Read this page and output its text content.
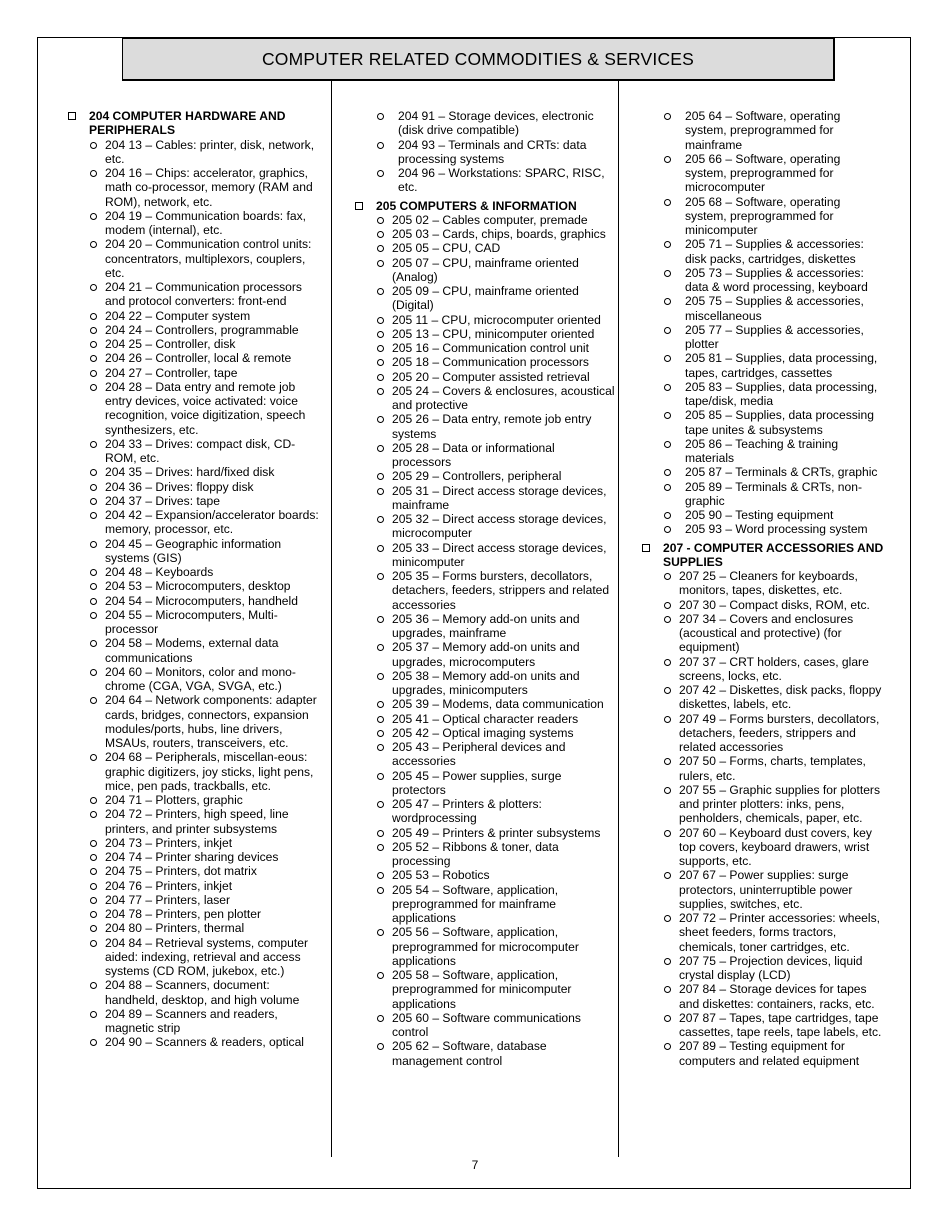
COMPUTER RELATED COMMODITIES & SERVICES
204 COMPUTER HARDWARE AND PERIPHERALS
204 13 – Cables: printer, disk, network, etc.
204 16 – Chips: accelerator, graphics, math co-processor, memory (RAM and ROM), network, etc.
204 19 – Communication boards: fax, modem (internal), etc.
204 20 – Communication control units: concentrators, multiplexors, couplers, etc.
204 21 – Communication processors and protocol converters: front-end
204 22 – Computer system
204 24 – Controllers, programmable
204 25 – Controller, disk
204 26 – Controller, local & remote
204 27 – Controller, tape
204 28 – Data entry and remote job entry devices, voice activated: voice recognition, voice digitization, speech synthesizers, etc.
204 33 – Drives: compact disk, CD-ROM, etc.
204 35 – Drives: hard/fixed disk
204 36 – Drives: floppy disk
204 37 – Drives: tape
204 42 – Expansion/accelerator boards: memory, processor, etc.
204 45 – Geographic information systems (GIS)
204 48 – Keyboards
204 53 – Microcomputers, desktop
204 54 – Microcomputers, handheld
204 55 – Microcomputers, Multi-processor
204 58 – Modems, external data communications
204 60 – Monitors, color and mono-chrome (CGA, VGA, SVGA, etc.)
204 64 – Network components: adapter cards, bridges, connectors, expansion modules/ports, hubs, line drivers, MSAUs, routers, transceivers, etc.
204 68 – Peripherals, miscellan-eous: graphic digitizers, joy sticks, light pens, mice, pen pads, trackballs, etc.
204 71 – Plotters, graphic
204 72 – Printers, high speed, line printers, and printer subsystems
204 73 – Printers, inkjet
204 74 – Printer sharing devices
204 75 – Printers, dot matrix
204 76 – Printers, inkjet
204 77 – Printers, laser
204 78 – Printers, pen plotter
204 80 – Printers, thermal
204 84 – Retrieval systems, computer aided: indexing, retrieval and access systems (CD ROM, jukebox, etc.)
204 88 – Scanners, document: handheld, desktop, and high volume
204 89 – Scanners and readers, magnetic strip
204 90 – Scanners & readers, optical
204 91 – Storage devices, electronic (disk drive compatible)
204 93 – Terminals and CRTs: data processing systems
204 96 – Workstations: SPARC, RISC, etc.
205 COMPUTERS & INFORMATION
205 02 – Cables computer, premade
205 03 – Cards, chips, boards, graphics
205 05 – CPU, CAD
205 07 – CPU, mainframe oriented (Analog)
205 09 – CPU, mainframe oriented (Digital)
205 11 – CPU, microcomputer oriented
205 13 – CPU, minicomputer oriented
205 16 – Communication control unit
205 18 – Communication processors
205 20 – Computer assisted retrieval
205 24 – Covers & enclosures, acoustical and protective
205 26 – Data entry, remote job entry systems
205 28 – Data or informational processors
205 29 – Controllers, peripheral
205 31 – Direct access storage devices, mainframe
205 32 – Direct access storage devices, microcomputer
205 33 – Direct access storage devices, minicomputer
205 35 – Forms bursters, decollators, detachers, feeders, strippers and related accessories
205 36 – Memory add-on units and upgrades, mainframe
205 37 – Memory add-on units and upgrades, microcomputers
205 38 – Memory add-on units and upgrades, minicomputers
205 39 – Modems, data communication
205 41 – Optical character readers
205 42 – Optical imaging systems
205 43 – Peripheral devices and accessories
205 45 – Power supplies, surge protectors
205 47 – Printers & plotters: wordprocessing
205 49 – Printers & printer subsystems
205 52 – Ribbons & toner, data processing
205 53 – Robotics
205 54 – Software, application, preprogrammed for mainframe applications
205 56 – Software, application, preprogrammed for microcomputer applications
205 58 – Software, application, preprogrammed for minicomputer applications
205 60 – Software communications control
205 62 – Software, database management control
205 64 – Software, operating system, preprogrammed for mainframe
205 66 – Software, operating system, preprogrammed for microcomputer
205 68 – Software, operating system, preprogrammed for minicomputer
205 71 – Supplies & accessories: disk packs, cartridges, diskettes
205 73 – Supplies & accessories: data & word processing, keyboard
205 75 – Supplies & accessories, miscellaneous
205 77 – Supplies & accessories, plotter
205 81 – Supplies, data processing, tapes, cartridges, cassettes
205 83 – Supplies, data processing, tape/disk, media
205 85 – Supplies, data processing tape unites & subsystems
205 86 – Teaching & training materials
205 87 – Terminals & CRTs, graphic
205 89 – Terminals & CRTs, non-graphic
205 90 – Testing equipment
205 93 – Word processing system
207 - COMPUTER ACCESSORIES AND SUPPLIES
207 25 – Cleaners for keyboards, monitors, tapes, diskettes, etc.
207 30 – Compact disks, ROM, etc.
207 34 – Covers and enclosures (acoustical and protective) (for equipment)
207 37 – CRT holders, cases, glare screens, locks, etc.
207 42 – Diskettes, disk packs, floppy diskettes, labels, etc.
207 49 – Forms bursters, decollators, detachers, feeders, strippers and related accessories
207 50 – Forms, charts, templates, rulers, etc.
207 55 – Graphic supplies for plotters and printer plotters: inks, pens, penholders, chemicals, paper, etc.
207 60 – Keyboard dust covers, key top covers, keyboard drawers, wrist supports, etc.
207 67 – Power supplies: surge protectors, uninterruptible power supplies, switches, etc.
207 72 – Printer accessories: wheels, sheet feeders, forms tractors, chemicals, toner cartridges, etc.
207 75 – Projection devices, liquid crystal display (LCD)
207 84 – Storage devices for tapes and diskettes: containers, racks, etc.
207 87 – Tapes, tape cartridges, tape cassettes, tape reels, tape labels, etc.
207 89 – Testing equipment for computers and related equipment
7
